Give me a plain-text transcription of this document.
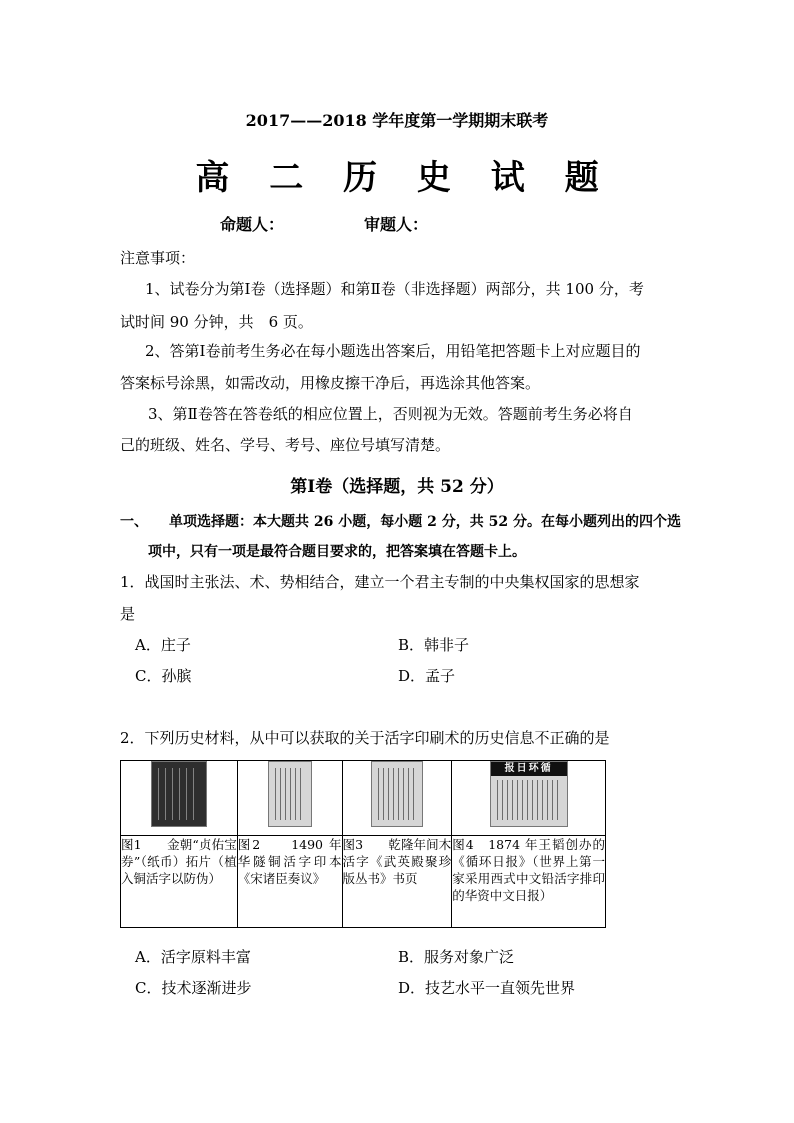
2017——2018 学年度第一学期期末联考
高 二 历 史 试 题
命题人：	审题人：
注意事项：
1、试卷分为第Ⅰ卷（选择题）和第Ⅱ卷（非选择题）两部分，共 100 分，考
试时间 90 分钟，共　6 页。
2、答第Ⅰ卷前考生务必在每小题选出答案后，用铅笔把答题卡上对应题目的
答案标号涂黑，如需改动，用橡皮擦干净后，再选涂其他答案。
3、第Ⅱ卷答在答卷纸的相应位置上，否则视为无效。答题前考生务必将自
己的班级、姓名、学号、考号、座位号填写清楚。
第Ⅰ卷（选择题，共 52 分）
一、　　单项选择题：本大题共 26 小题，每小题 2 分，共 52 分。在每小题列出的四个选
项中，只有一项是最符合题目要求的，把答案填在答题卡上。
1．战国时主张法、术、势相结合，建立一个君主专制的中央集权国家的思想家
是
A．庄子	B．韩非子
C．孙膑	D．孟子
2．下列历史材料，从中可以获取的关于活字印刷术的历史信息不正确的是

			报日环循

图1　　金朝“贞佑宝券”（纸币）拓片（植入铜活字以防伪）	图2　　1490 年华隧铜活字印本《宋诸臣奏议》	图3　　乾隆年间木活字《武英殿聚珍版丛书》书页	图4　1874 年王韬创办的《循环日报》（世界上第一家采用西式中文铅活字排印的华资中文日报）
A．活字原料丰富	B．服务对象广泛
C．技术逐渐进步	D．技艺水平一直领先世界
